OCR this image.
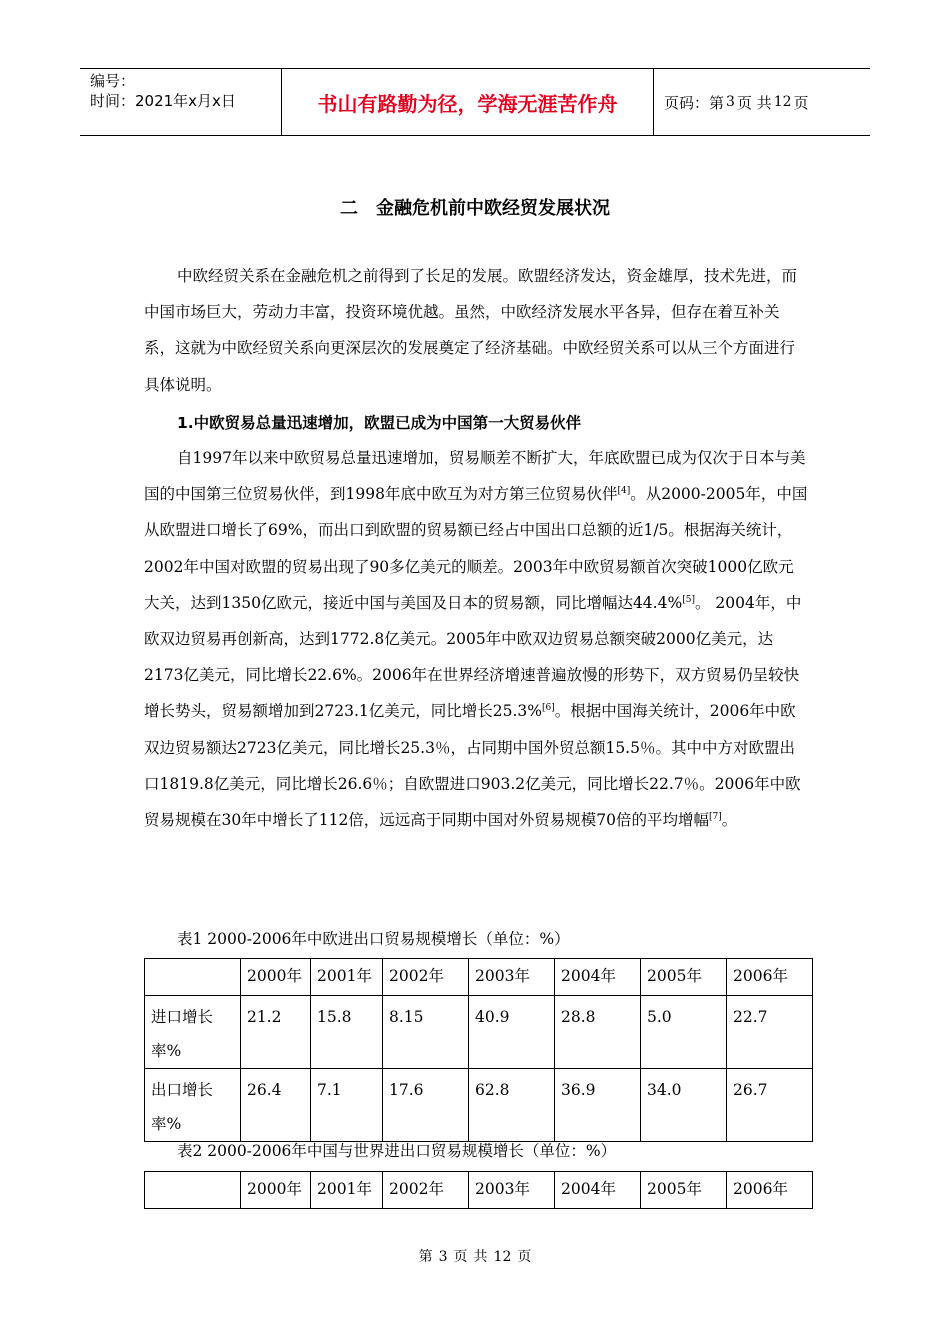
编号：
时间：2021年x月x日	书山有路勤为径，学海无涯苦作舟	页码：第 3 页 共 12 页
二 金融危机前中欧经贸发展状况
中欧经贸关系在金融危机之前得到了长足的发展。欧盟经济发达，资金雄厚，技术先进，而中国市场巨大，劳动力丰富，投资环境优越。虽然，中欧经济发展水平各异，但存在着互补关系，这就为中欧经贸关系向更深层次的发展奠定了经济基础。中欧经贸关系可以从三个方面进行具体说明。
1.中欧贸易总量迅速增加，欧盟已成为中国第一大贸易伙伴
自1997年以来中欧贸易总量迅速增加，贸易顺差不断扩大，年底欧盟已成为仅次于日本与美国的中国第三位贸易伙伴，到1998年底中欧互为对方第三位贸易伙伴[4]。从2000-2005年，中国从欧盟进口增长了69%，而出口到欧盟的贸易额已经占中国出口总额的近1/5。根据海关统计，2002年中国对欧盟的贸易出现了90多亿美元的顺差。2003年中欧贸易额首次突破1000亿欧元大关，达到1350亿欧元，接近中国与美国及日本的贸易额，同比增幅达44.4%[5]。 2004年，中欧双边贸易再创新高，达到1772.8亿美元。2005年中欧双边贸易总额突破2000亿美元，达2173亿美元，同比增长22.6%。2006年在世界经济增速普遍放慢的形势下，双方贸易仍呈较快增长势头，贸易额增加到2723.1亿美元，同比增长25.3%[6]。根据中国海关统计，2006年中欧双边贸易额达2723亿美元，同比增长25.3％，占同期中国外贸总额15.5％。其中中方对欧盟出口1819.8亿美元，同比增长26.6％；自欧盟进口903.2亿美元，同比增长22.7％。2006年中欧贸易规模在30年中增长了112倍，远远高于同期中国对外贸易规模70倍的平均增幅[7]。
表1 2000-2006年中欧进出口贸易规模增长（单位：%）
	2000年	2001年	2002年	2003年	2004年	2005年	2006年
进口增长率%	21.2	15.8	8.15	40.9	28.8	5.0	22.7
出口增长率%	26.4	7.1	17.6	62.8	36.9	34.0	26.7
表2 2000-2006年中国与世界进出口贸易规模增长（单位：%）
	2000年	2001年	2002年	2003年	2004年	2005年	2006年
第 3 页 共 12 页
